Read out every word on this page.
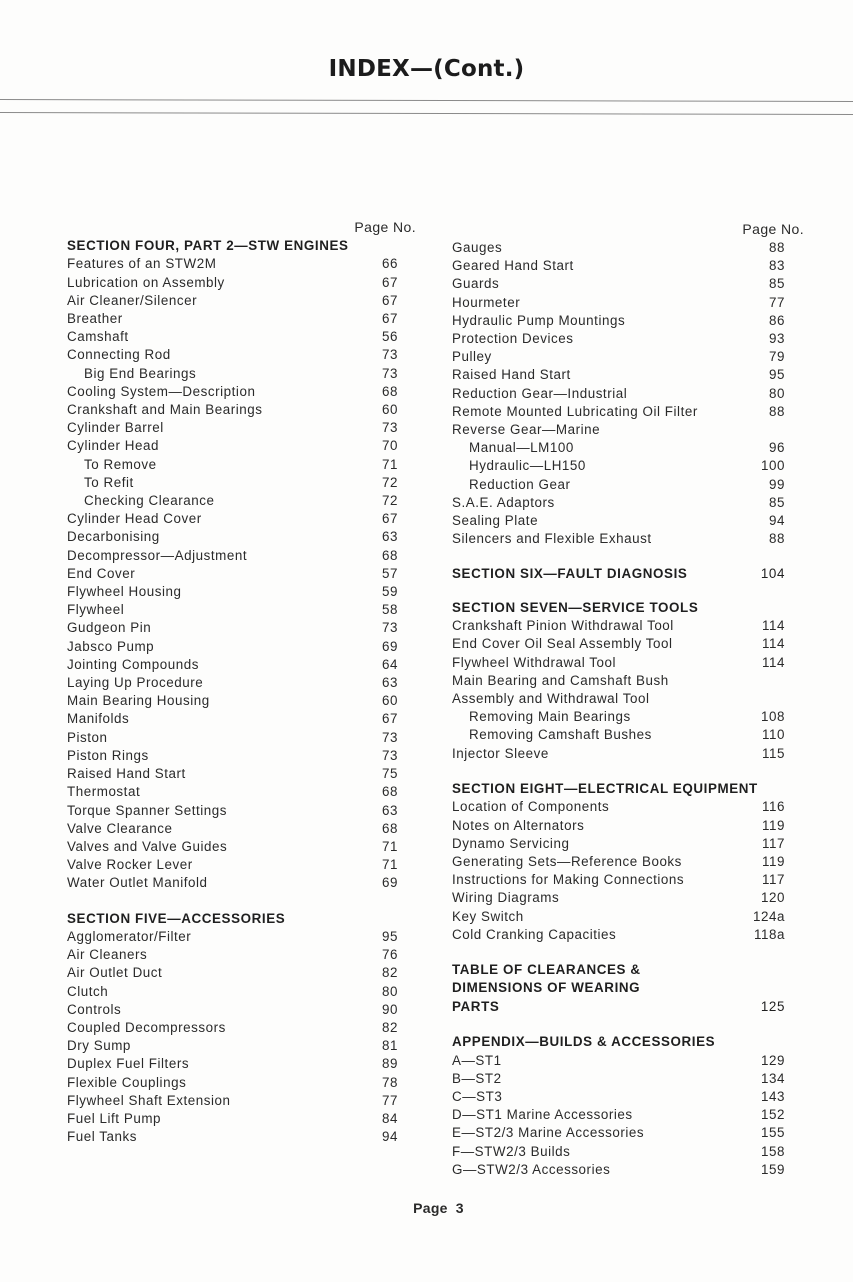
INDEX—(Cont.)
Page No.
SECTION FOUR, PART 2—STW ENGINES
Features of an STW2M	66
Lubrication on Assembly	67
Air Cleaner/Silencer	67
Breather	67
Camshaft	56
Connecting Rod	73
Big End Bearings	73
Cooling System—Description	68
Crankshaft and Main Bearings	60
Cylinder Barrel	73
Cylinder Head	70
To Remove	71
To Refit	72
Checking Clearance	72
Cylinder Head Cover	67
Decarbonising	63
Decompressor—Adjustment	68
End Cover	57
Flywheel Housing	59
Flywheel	58
Gudgeon Pin	73
Jabsco Pump	69
Jointing Compounds	64
Laying Up Procedure	63
Main Bearing Housing	60
Manifolds	67
Piston	73
Piston Rings	73
Raised Hand Start	75
Thermostat	68
Torque Spanner Settings	63
Valve Clearance	68
Valves and Valve Guides	71
Valve Rocker Lever	71
Water Outlet Manifold	69
SECTION FIVE—ACCESSORIES
Agglomerator/Filter	95
Air Cleaners	76
Air Outlet Duct	82
Clutch	80
Controls	90
Coupled Decompressors	82
Dry Sump	81
Duplex Fuel Filters	89
Flexible Couplings	78
Flywheel Shaft Extension	77
Fuel Lift Pump	84
Fuel Tanks	94
Page No.
Gauges	88
Geared Hand Start	83
Guards	85
Hourmeter	77
Hydraulic Pump Mountings	86
Protection Devices	93
Pulley	79
Raised Hand Start	95
Reduction Gear—Industrial	80
Remote Mounted Lubricating Oil Filter	88
Reverse Gear—Marine
Manual—LM100	96
Hydraulic—LH150	100
Reduction Gear	99
S.A.E. Adaptors	85
Sealing Plate	94
Silencers and Flexible Exhaust	88
SECTION SIX—FAULT DIAGNOSIS	104
SECTION SEVEN—SERVICE TOOLS
Crankshaft Pinion Withdrawal Tool	114
End Cover Oil Seal Assembly Tool	114
Flywheel Withdrawal Tool	114
Main Bearing and Camshaft Bush
Assembly and Withdrawal Tool
Removing Main Bearings	108
Removing Camshaft Bushes	110
Injector Sleeve	115
SECTION EIGHT—ELECTRICAL EQUIPMENT
Location of Components	116
Notes on Alternators	119
Dynamo Servicing	117
Generating Sets—Reference Books	119
Instructions for Making Connections	117
Wiring Diagrams	120
Key Switch	124a
Cold Cranking Capacities	118a
TABLE OF CLEARANCES &
DIMENSIONS OF WEARING
PARTS	125
APPENDIX—BUILDS & ACCESSORIES
A—ST1	129
B—ST2	134
C—ST3	143
D—ST1 Marine Accessories	152
E—ST2/3 Marine Accessories	155
F—STW2/3 Builds	158
G—STW2/3 Accessories	159
Page 3
